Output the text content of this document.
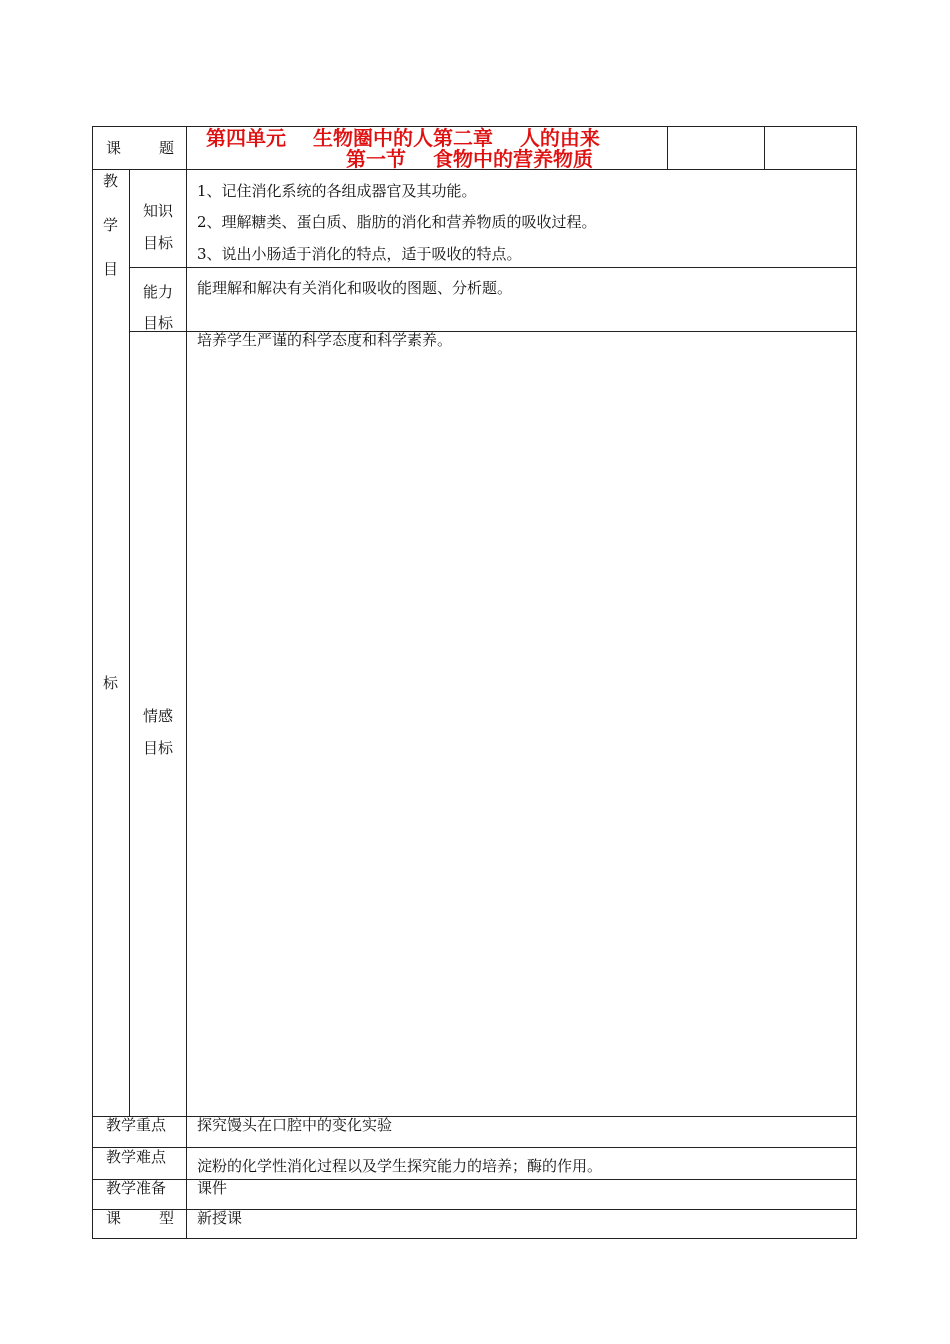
课	题 第四单元　 生物圈中的人第二章　 人的由来
第一节　 食物中的营养物质
教
学
目
标
知识
目标
1、记住消化系统的各组成器官及其功能。
2、理解糖类、蛋白质、脂肪的消化和营养物质的吸收过程。
3、说出小肠适于消化的特点，适于吸收的特点。
能力
目标
能理解和解决有关消化和吸收的图题、分析题。
情感
目标
培养学生严谨的科学态度和科学素养。
教学重点 探究馒头在口腔中的变化实验
教学难点 淀粉的化学性消化过程以及学生探究能力的培养；酶的作用。
教学准备 课件
课	型 新授课
